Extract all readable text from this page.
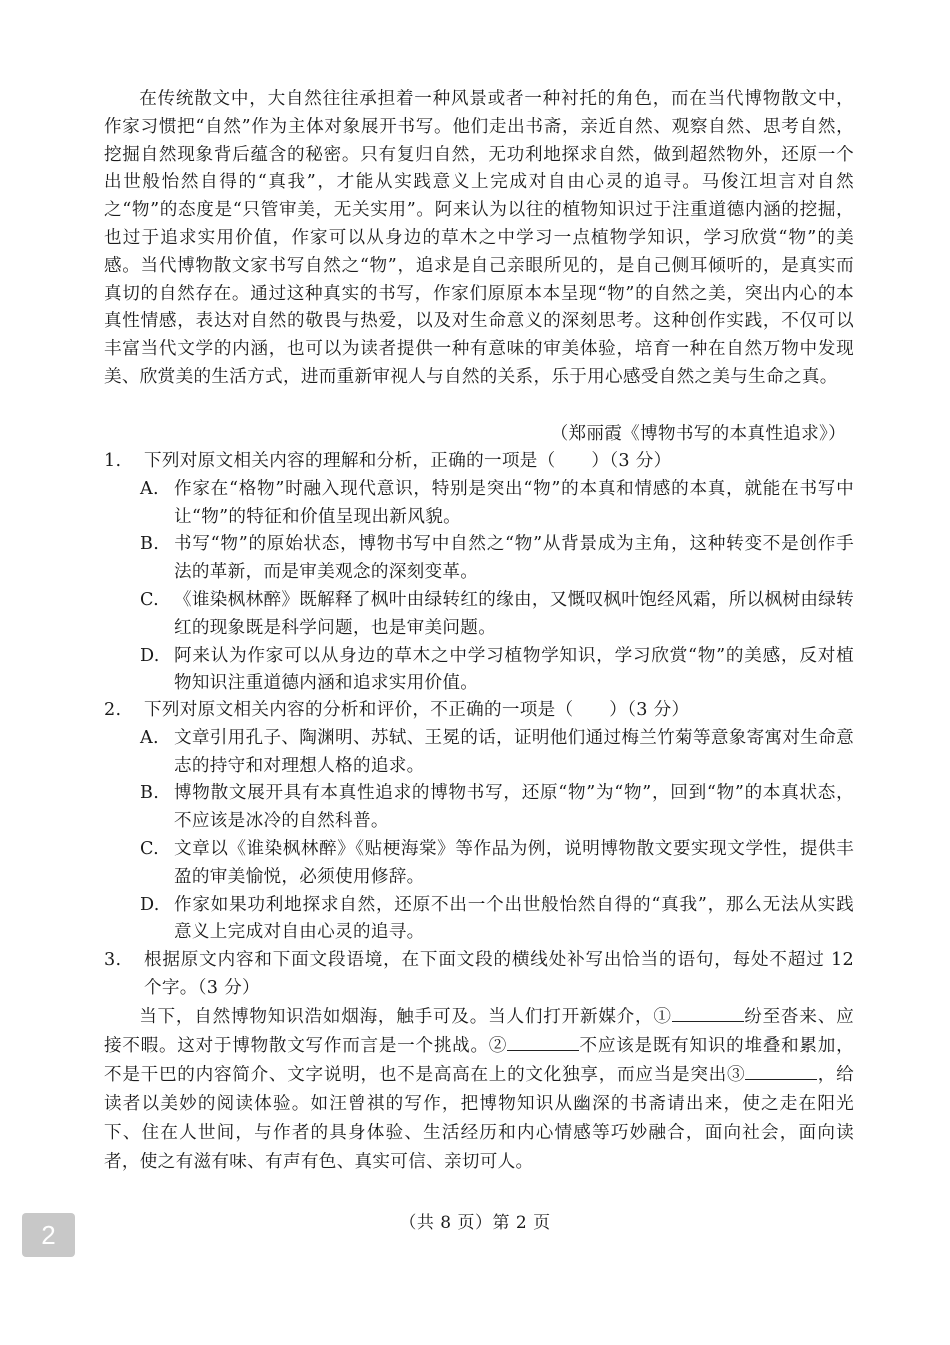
在传统散文中，大自然往往承担着一种风景或者一种衬托的角色，而在当代博物散文中，作家习惯把“自然”作为主体对象展开书写。他们走出书斋，亲近自然、观察自然、思考自然，挖掘自然现象背后蕴含的秘密。只有复归自然，无功利地探求自然，做到超然物外，还原一个出世般怡然自得的“真我”，才能从实践意义上完成对自由心灵的追寻。马俊江坦言对自然之“物”的态度是“只管审美，无关实用”。阿来认为以往的植物知识过于注重道德内涵的挖掘，也过于追求实用价值，作家可以从身边的草木之中学习一点植物学知识，学习欣赏“物”的美感。当代博物散文家书写自然之“物”，追求是自己亲眼所见的，是自己侧耳倾听的，是真实而真切的自然存在。通过这种真实的书写，作家们原原本本呈现“物”的自然之美，突出内心的本真性情感，表达对自然的敬畏与热爱，以及对生命意义的深刻思考。这种创作实践，不仅可以丰富当代文学的内涵，也可以为读者提供一种有意味的审美体验，培育一种在自然万物中发现美、欣赏美的生活方式，进而重新审视人与自然的关系，乐于用心感受自然之美与生命之真。

（郑丽霞《博物书写的本真性追求》）
1.	下列对原文相关内容的理解和分析，正确的一项是（　　）（3 分）
A. 作家在“格物”时融入现代意识，特别是突出“物”的本真和情感的本真，就能在书写中让“物”的特征和价值呈现出新风貌。
B. 书写“物”的原始状态，博物书写中自然之“物”从背景成为主角，这种转变不是创作手法的革新，而是审美观念的深刻变革。
C. 《谁染枫林醉》既解释了枫叶由绿转红的缘由，又慨叹枫叶饱经风霜，所以枫树由绿转红的现象既是科学问题，也是审美问题。
D. 阿来认为作家可以从身边的草木之中学习植物学知识，学习欣赏“物”的美感，反对植物知识注重道德内涵和追求实用价值。
2.	下列对原文相关内容的分析和评价，不正确的一项是（　　）（3 分）
A. 文章引用孔子、陶渊明、苏轼、王冕的话，证明他们通过梅兰竹菊等意象寄寓对生命意志的持守和对理想人格的追求。
B. 博物散文展开具有本真性追求的博物书写，还原“物”为“物”，回到“物”的本真状态，不应该是冰冷的自然科普。
C. 文章以《谁染枫林醉》《贴梗海棠》等作品为例，说明博物散文要实现文学性，提供丰盈的审美愉悦，必须使用修辞。
D. 作家如果功利地探求自然，还原不出一个出世般怡然自得的“真我”，那么无法从实践意义上完成对自由心灵的追寻。
3.	根据原文内容和下面文段语境，在下面文段的横线处补写出恰当的语句，每处不超过 12 个字。（3 分）

当下，自然博物知识浩如烟海，触手可及。当人们打开新媒介，①	纷至沓来、应接不暇。这对于博物散文写作而言是一个挑战。②	不应该是既有知识的堆叠和累加，不是干巴的内容简介、文字说明，也不是高高在上的文化独享，而应当是突出③	，给读者以美妙的阅读体验。如汪曾祺的写作，把博物知识从幽深的书斋请出来，使之走在阳光下、住在人世间，与作者的具身体验、生活经历和内心情感等巧妙融合，面向社会，面向读者，使之有滋有味、有声有色、真实可信、亲切可人。

（共 8 页）第 2 页
2
